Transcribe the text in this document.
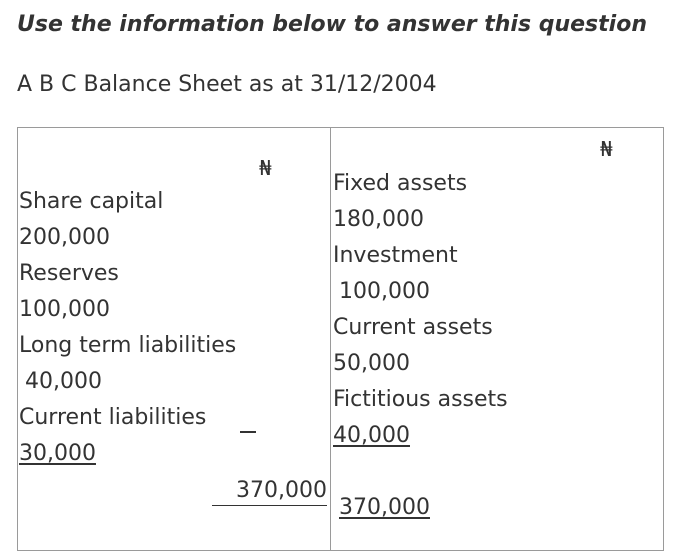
Use the information below to answer this question
A B C Balance Sheet as at 31/12/2004
₦
Share capital
200,000
Reserves
100,000
Long term liabilities
40,000
Current liabilities
30,000
370,000
₦
Fixed assets
180,000
Investment
100,000
Current assets
50,000
Fictitious assets
40,000
370,000
